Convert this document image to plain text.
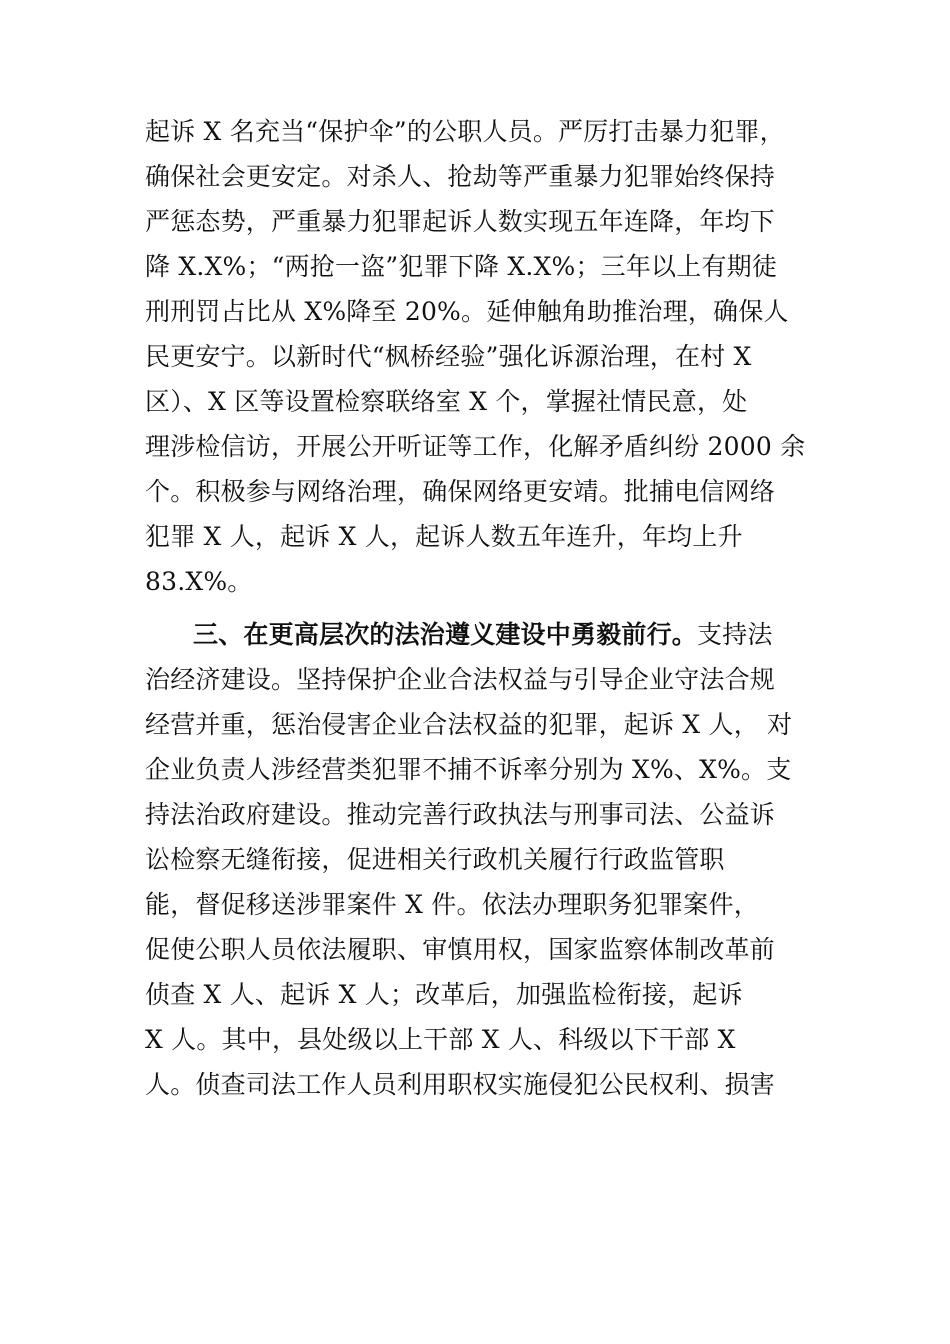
起诉 X 名充当“保护伞”的公职人员。严厉打击暴力犯罪，
确保社会更安定。对杀人、抢劫等严重暴力犯罪始终保持
严惩态势，严重暴力犯罪起诉人数实现五年连降，年均下
降 X.X%；“两抢一盗”犯罪下降 X.X%；三年以上有期徒
刑刑罚占比从 X%降至 20%。延伸触角助推治理，确保人
民更安宁。以新时代“枫桥经验”强化诉源治理，在村 X
区）、X 区等设置检察联络室 X 个，掌握社情民意，处
理涉检信访，开展公开听证等工作，化解矛盾纠纷 2000 余
个。积极参与网络治理，确保网络更安靖。批捕电信网络
犯罪 X 人，起诉 X 人，起诉人数五年连升，年均上升
83.X%。
三、在更高层次的法治遵义建设中勇毅前行。支持法
治经济建设。坚持保护企业合法权益与引导企业守法合规
经营并重，惩治侵害企业合法权益的犯罪，起诉 X 人， 对
企业负责人涉经营类犯罪不捕不诉率分别为 X%、X%。支
持法治政府建设。推动完善行政执法与刑事司法、公益诉
讼检察无缝衔接，促进相关行政机关履行行政监管职
能，督促移送涉罪案件 X 件。依法办理职务犯罪案件，
促使公职人员依法履职、审慎用权，国家监察体制改革前
侦查 X 人、起诉 X 人；改革后，加强监检衔接，起诉
X 人。其中，县处级以上干部 X 人、科级以下干部 X
人。侦查司法工作人员利用职权实施侵犯公民权利、损害
